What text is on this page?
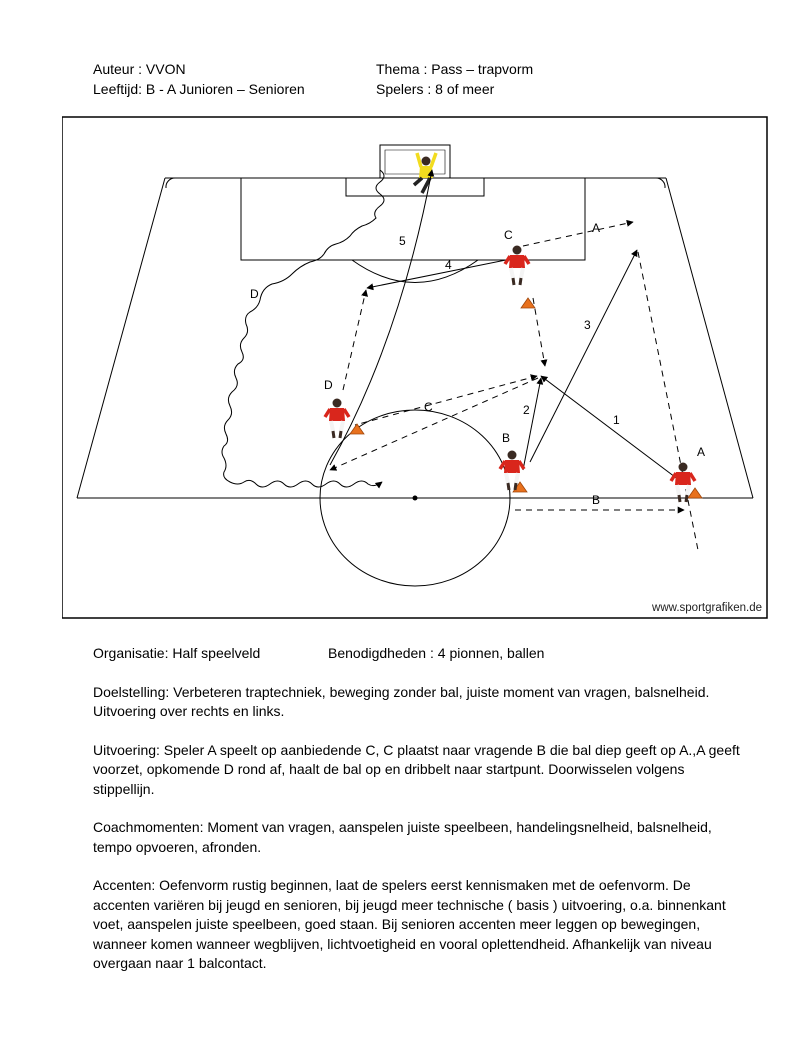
Auteur : VVON
Leeftijd: B - A Junioren – Senioren
Thema : Pass – trapvorm
Spelers : 8 of meer
C
D
B
A
A
B
C
D
1
2
3
4
5
www.sportgrafiken.de

Organisatie: Half speelveld	Benodigdheden : 4 pionnen, ballen

Doelstelling: Verbeteren traptechniek, beweging zonder bal, juiste moment van vragen, balsnelheid. Uitvoering over rechts en links.

Uitvoering: Speler A speelt op aanbiedende C, C plaatst naar vragende B die bal diep geeft op A.,A geeft voorzet, opkomende D rond af, haalt de bal op en dribbelt naar startpunt. Doorwisselen volgens stippellijn.

Coachmomenten: Moment van vragen, aanspelen juiste speelbeen, handelingsnelheid, balsnelheid, tempo opvoeren, afronden.

Accenten: Oefenvorm rustig beginnen, laat de spelers eerst kennismaken met de oefenvorm. De accenten variëren bij jeugd en senioren, bij jeugd meer technische ( basis ) uitvoering, o.a. binnenkant voet, aanspelen juiste speelbeen, goed staan. Bij senioren accenten meer leggen op bewegingen, wanneer komen wanneer wegblijven, lichtvoetigheid en vooral oplettendheid. Afhankelijk van niveau overgaan naar 1 balcontact.
